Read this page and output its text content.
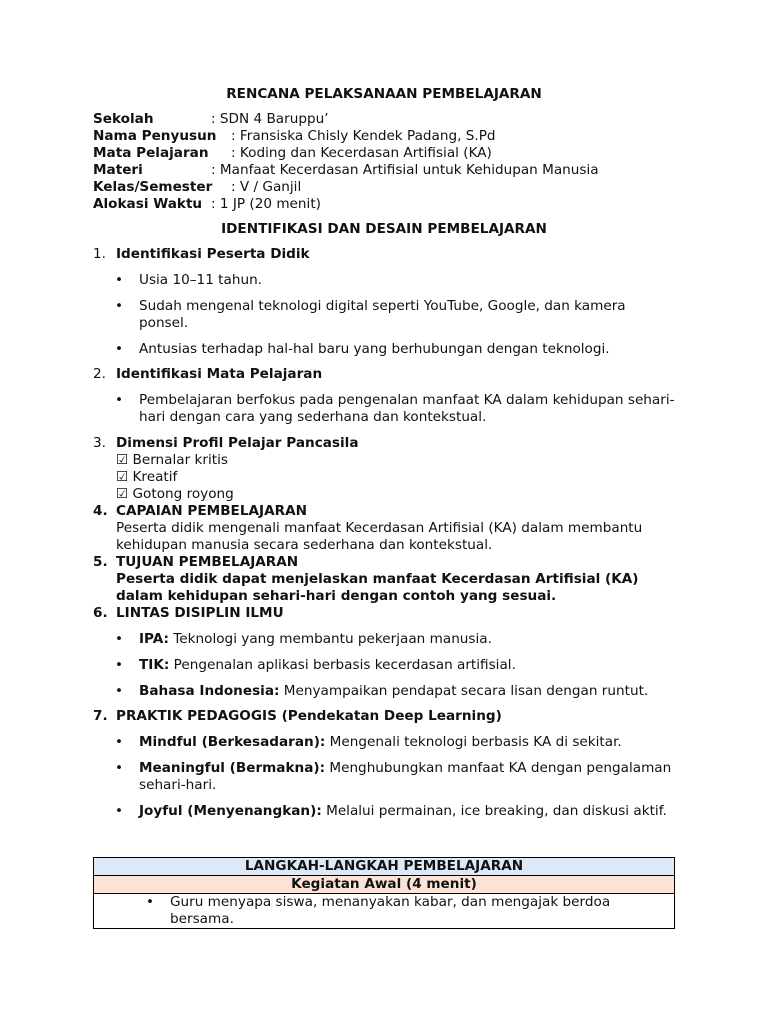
RENCANA PELAKSANAAN PEMBELAJARAN
Sekolah	: SDN 4 Baruppu’
Nama Penyusun	: Fransiska Chisly Kendek Padang, S.Pd
Mata Pelajaran	: Koding dan Kecerdasan Artifisial (KA)
Materi	: Manfaat Kecerdasan Artifisial untuk Kehidupan Manusia
Kelas/Semester	: V / Ganjil
Alokasi Waktu : 1 JP (20 menit)
IDENTIFIKASI DAN DESAIN PEMBELAJARAN
1. Identifikasi Peserta Didik
• Usia 10–11 tahun.
• Sudah mengenal teknologi digital seperti YouTube, Google, dan kamera ponsel.
• Antusias terhadap hal-hal baru yang berhubungan dengan teknologi.
2. Identifikasi Mata Pelajaran
• Pembelajaran berfokus pada pengenalan manfaat KA dalam kehidupan sehari-hari dengan cara yang sederhana dan kontekstual.
3. Dimensi Profil Pelajar Pancasila
☑ Bernalar kritis
☑ Kreatif
☑ Gotong royong
4. CAPAIAN PEMBELAJARAN
Peserta didik mengenali manfaat Kecerdasan Artifisial (KA) dalam membantu kehidupan manusia secara sederhana dan kontekstual.
5. TUJUAN PEMBELAJARAN
Peserta didik dapat menjelaskan manfaat Kecerdasan Artifisial (KA) dalam kehidupan sehari-hari dengan contoh yang sesuai.
6. LINTAS DISIPLIN ILMU
• IPA: Teknologi yang membantu pekerjaan manusia.
• TIK: Pengenalan aplikasi berbasis kecerdasan artifisial.
• Bahasa Indonesia: Menyampaikan pendapat secara lisan dengan runtut.
7. PRAKTIK PEDAGOGIS (Pendekatan Deep Learning)
• Mindful (Berkesadaran): Mengenali teknologi berbasis KA di sekitar.
• Meaningful (Bermakna): Menghubungkan manfaat KA dengan pengalaman sehari-hari.
• Joyful (Menyenangkan): Melalui permainan, ice breaking, dan diskusi aktif.
LANGKAH-LANGKAH PEMBELAJARAN
Kegiatan Awal (4 menit)

• Guru menyapa siswa, menanyakan kabar, dan mengajak berdoa bersama.
